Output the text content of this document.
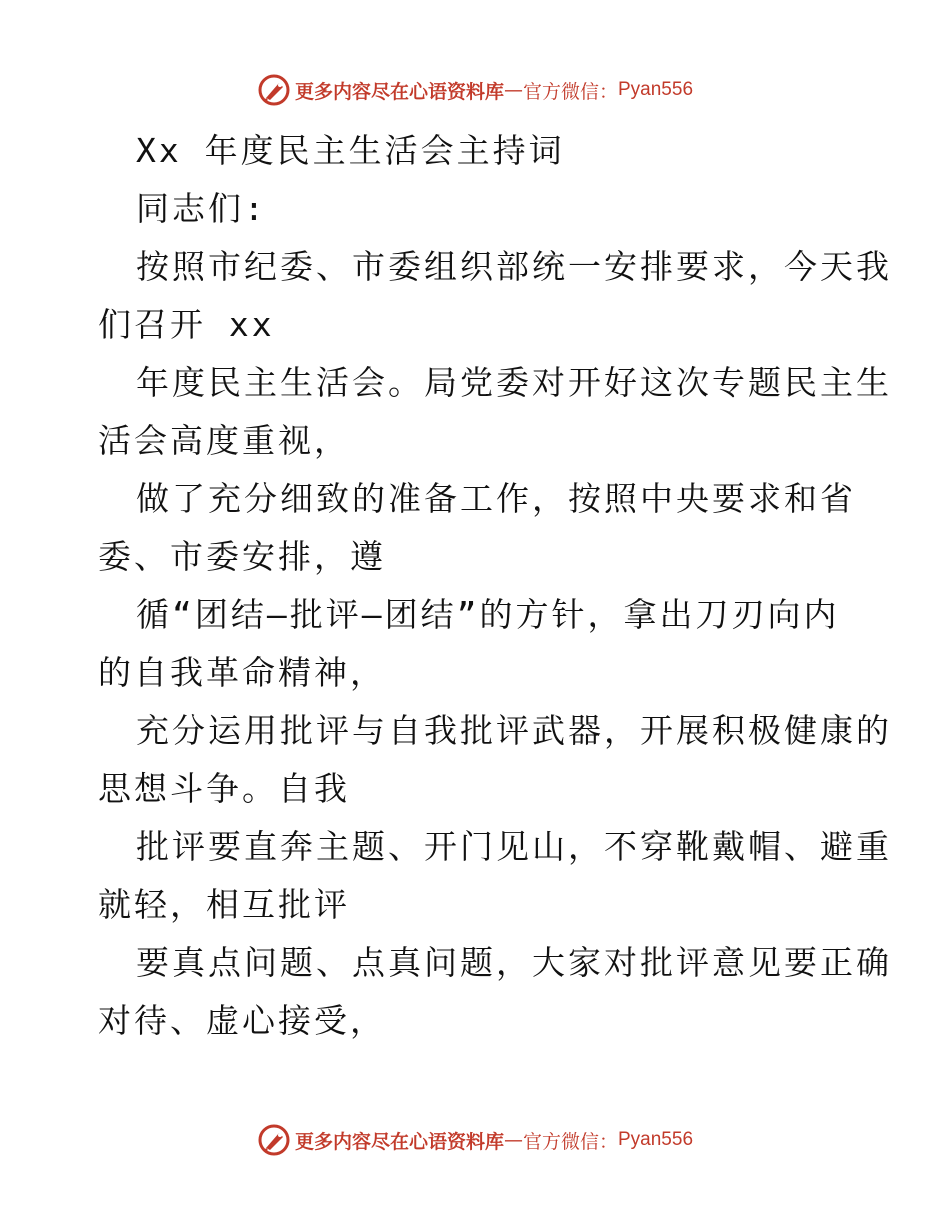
更多内容尽在心语资料库 — 官方微信： Pyan556
Xx 年度民主生活会主持词
同志们:
按照市纪委、市委组织部统一安排要求，今天我
们召开 xx
年度民主生活会。局党委对开好这次专题民主生
活会高度重视，
做了充分细致的准备工作，按照中央要求和省
委、市委安排，遵
循“团结—批评—团结”的方针，拿出刀刃向内
的自我革命精神，
充分运用批评与自我批评武器，开展积极健康的
思想斗争。自我
批评要直奔主题、开门见山，不穿靴戴帽、避重
就轻，相互批评
要真点问题、点真问题，大家对批评意见要正确
对待、虚心接受，
更多内容尽在心语资料库 — 官方微信： Pyan556
